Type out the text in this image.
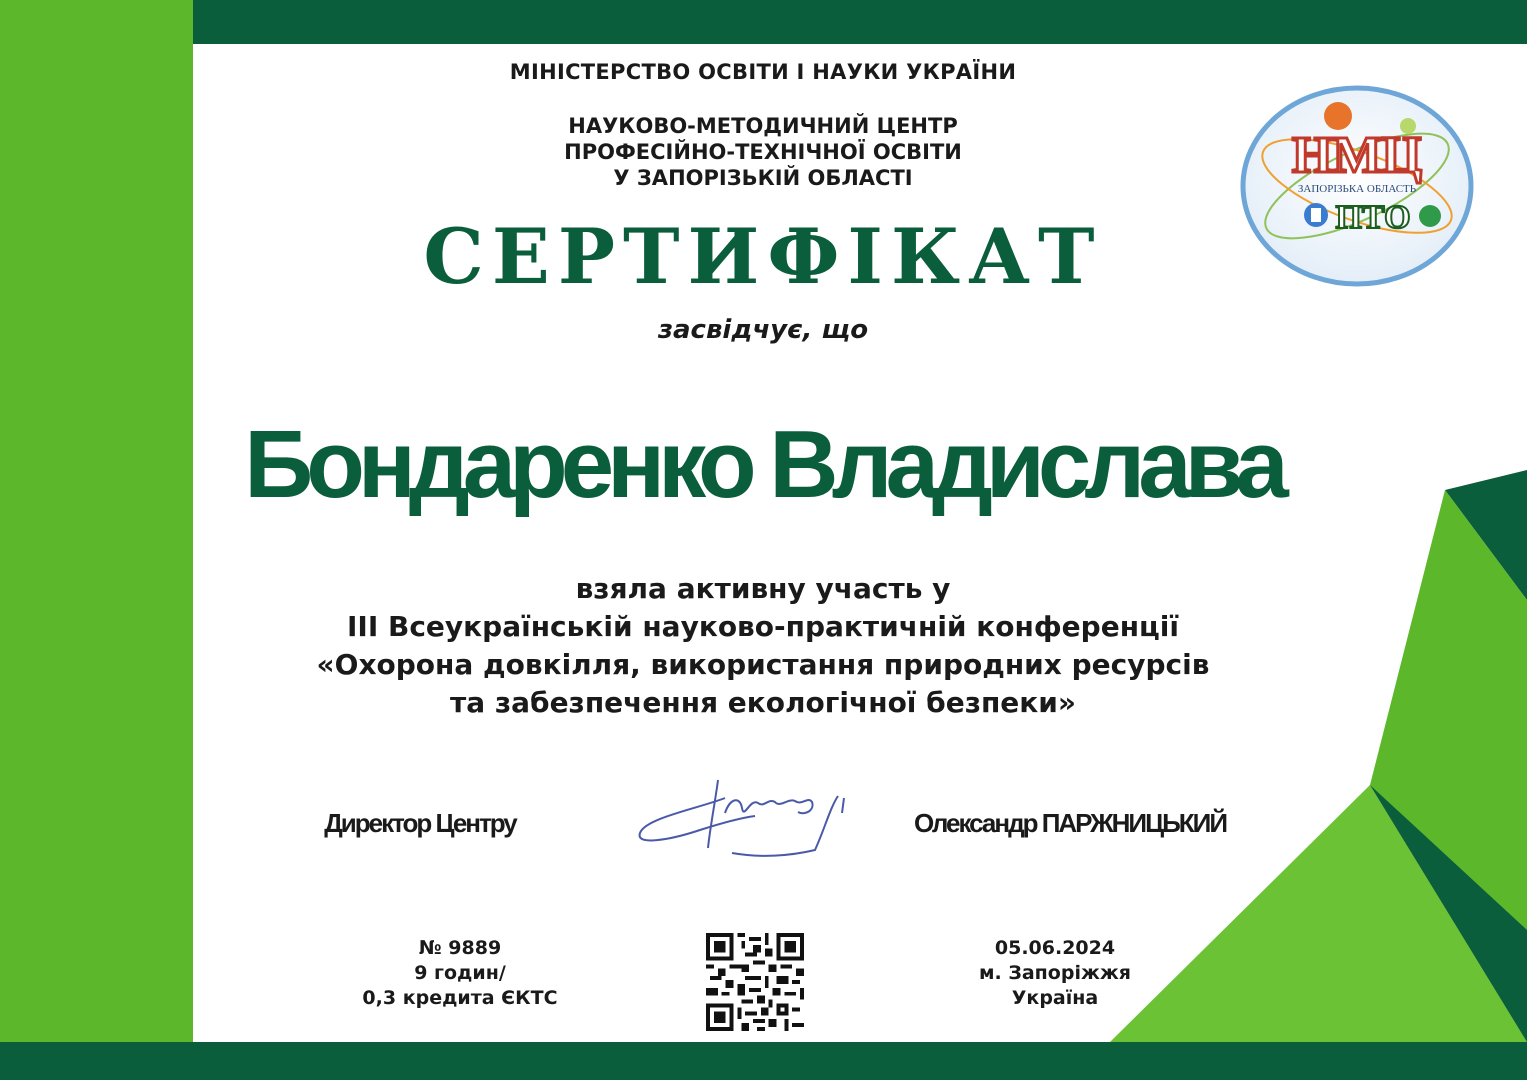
МІНІСТЕРСТВО ОСВІТИ І НАУКИ УКРАЇНИ
НАУКОВО-МЕТОДИЧНИЙ ЦЕНТР
ПРОФЕСІЙНО-ТЕХНІЧНОЇ ОСВІТИ
У ЗАПОРІЗЬКІЙ ОБЛАСТІ
СЕРТИФІКАТ
засвідчує, що
Бондаренко Владислава
взяла активну участь у
ІІІ Всеукраїнській науково-практичній конференції
«Охорона довкілля, використання природних ресурсів
та забезпечення екологічної безпеки»
Директор Центру	Олександр ПАРЖНИЦЬКИЙ
№ 9889
9 годин/
0,3 кредита ЄКТС
05.06.2024
м. Запоріжжя
Україна
НМЦ
ЗАПОРІЗЬКА ОБЛАСТЬ
ПТО
